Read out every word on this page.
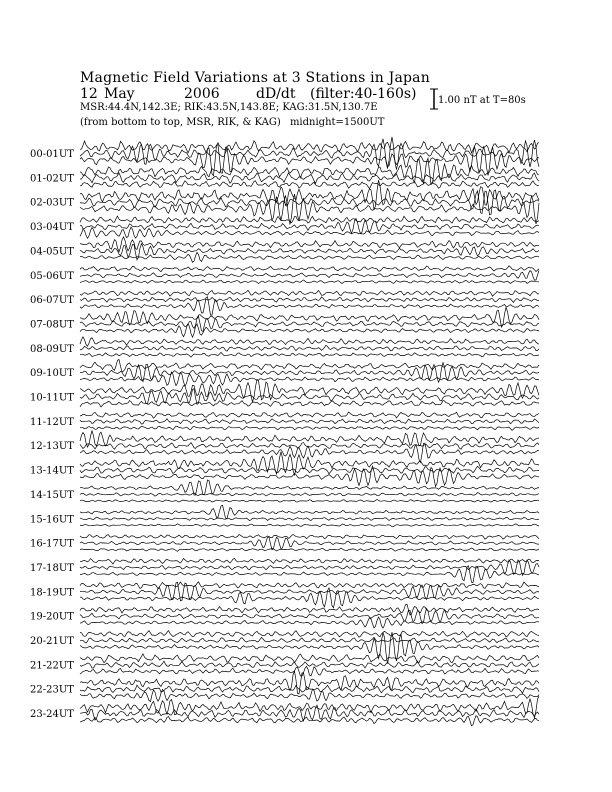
Magnetic Field Variations at 3 Stations in Japan
12 May	2006	dD/dt (filter:40-160s)
MSR:44.4N,142.3E; RIK:43.5N,143.8E; KAG:31.5N,130.7E
(from bottom to top, MSR, RIK, & KAG) midnight=1500UT
1.00 nT at T=80s
00-01UT
01-02UT
02-03UT
03-04UT
04-05UT
05-06UT
06-07UT
07-08UT
08-09UT
09-10UT
10-11UT
11-12UT
12-13UT
13-14UT
14-15UT
15-16UT
16-17UT
17-18UT
18-19UT
19-20UT
20-21UT
21-22UT
22-23UT
23-24UT
